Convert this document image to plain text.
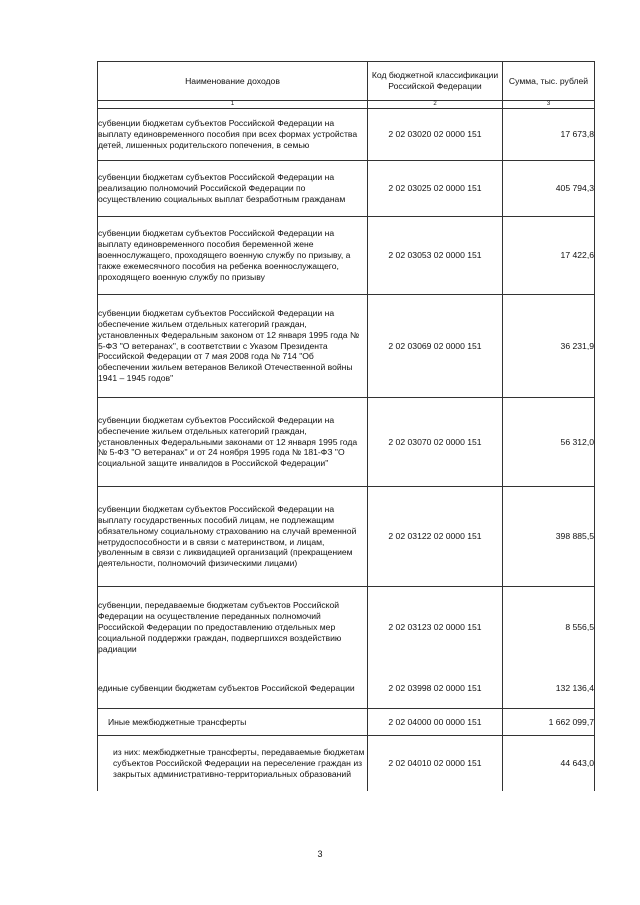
Наименование доходов	Код бюджетной классификации Российской Федерации	Сумма, тыс. рублей
1	2	3
субвенции бюджетам субъектов Российской Федерации на выплату единовременного пособия при всех формах устройства детей, лишенных родительского попечения, в семью	2 02 03020 02 0000 151	17 673,8
субвенции бюджетам субъектов Российской Федерации на реализацию полномочий Российской Федерации по осуществлению социальных выплат безработным гражданам	2 02 03025 02 0000 151	405 794,3
субвенции бюджетам субъектов Российской Федерации на выплату единовременного пособия беременной жене военнослужащего, проходящего военную службу по призыву, а также ежемесячного пособия на ребенка военнослужащего, проходящего военную службу по призыву	2 02 03053 02 0000 151	17 422,6
субвенции бюджетам субъектов Российской Федерации на обеспечение жильем отдельных категорий граждан, установленных Федеральным законом от 12 января 1995 года № 5-ФЗ "О ветеранах", в соответствии с Указом Президента Российской Федерации от 7 мая 2008 года № 714 "Об обеспечении жильем ветеранов Великой Отечественной войны 1941 – 1945 годов"	2 02 03069 02 0000 151	36 231,9
субвенции бюджетам субъектов Российской Федерации на обеспечение жильем отдельных категорий граждан, установленных Федеральными законами от 12 января 1995 года № 5-ФЗ "О ветеранах" и от 24 ноября 1995 года № 181-ФЗ "О социальной защите инвалидов в Российской Федерации"	2 02 03070 02 0000 151	56 312,0
субвенции бюджетам субъектов Российской Федерации на выплату государственных пособий лицам, не подлежащим обязательному социальному страхованию на случай временной нетрудоспособности и в связи с материнством, и лицам, уволенным в связи с ликвидацией организаций (прекращением деятельности, полномочий физическими лицами)	2 02 03122 02 0000 151	398 885,5
субвенции, передаваемые бюджетам субъектов Российской Федерации на осуществление переданных полномочий Российской Федерации по предоставлению отдельных мер социальной поддержки граждан, подвергшихся воздействию радиации	2 02 03123 02 0000 151	8 556,5
единые субвенции бюджетам субъектов Российской Федерации	2 02 03998 02 0000 151	132 136,4
Иные межбюджетные трансферты	2 02 04000 00 0000 151	1 662 099,7
из них: межбюджетные трансферты, передаваемые бюджетам субъектов Российской Федерации на переселение граждан из закрытых административно-территориальных образований	2 02 04010 02 0000 151	44 643,0
3
